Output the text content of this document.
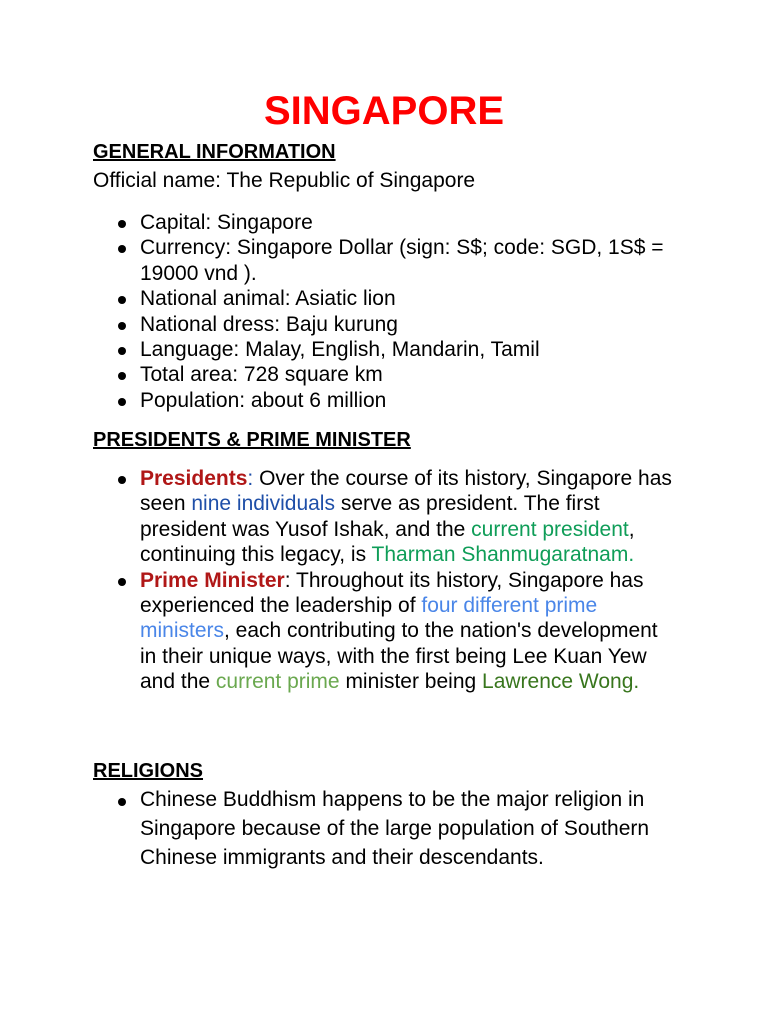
SINGAPORE
GENERAL INFORMATION

Official name: The Republic of Singapore

Capital: Singapore
Currency: Singapore Dollar (sign: S$; code: SGD, 1S$ = 19000 vnd ).
National animal: Asiatic lion
National dress: Baju kurung
Language: Malay, English, Mandarin, Tamil
Total area: 728 square km
Population: about 6 million
PRESIDENTS & PRIME MINISTER
Presidents: Over the course of its history, Singapore has seen nine individuals serve as president. The first president was Yusof Ishak, and the current president, continuing this legacy, is Tharman Shanmugaratnam.
Prime Minister: Throughout its history, Singapore has experienced the leadership of four different prime ministers, each contributing to the nation's development in their unique ways, with the first being Lee Kuan Yew and the current prime minister being Lawrence Wong.
RELIGIONS
Chinese Buddhism happens to be the major religion in Singapore because of the large population of Southern Chinese immigrants and their descendants.
